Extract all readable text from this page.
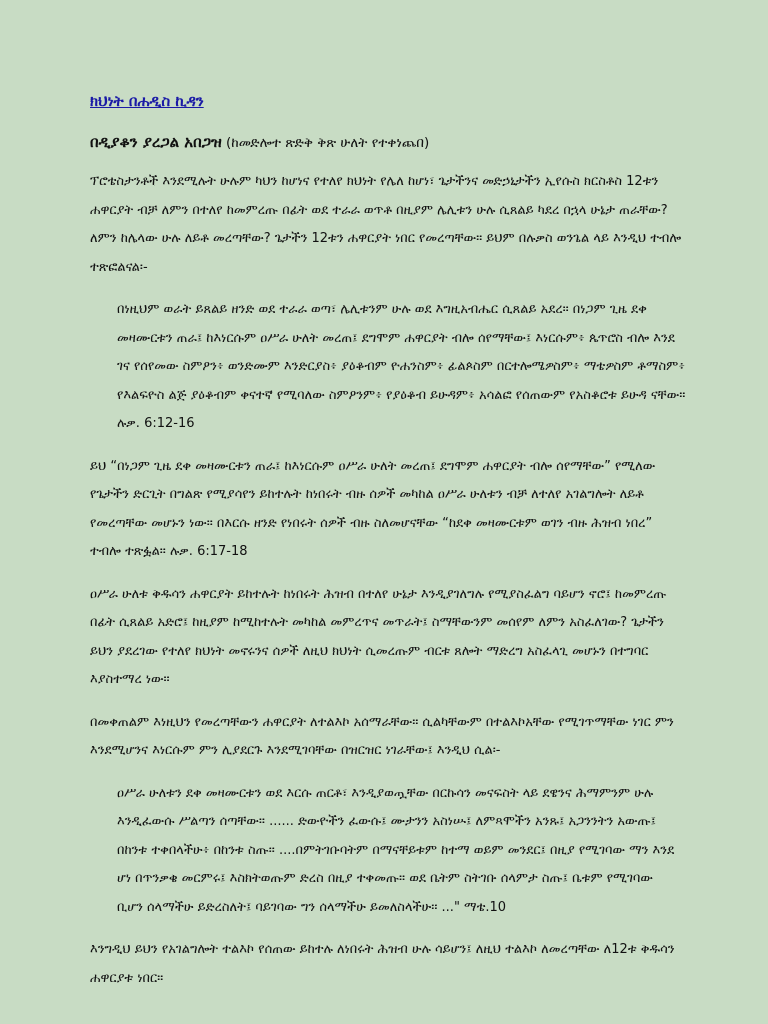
ክህነት በሐዲስ ኪዳን
በዲያቆን ያረጋል አበጋዝ (ከመድሎተ ጽድቅ ቅጽ ሁለት የተቀነጨበ)

ፕሮቴስታንቶች እንደሚሉት ሁሉም ካህን ከሆነና የተለየ ክህነት የሌለ ከሆነ፣ ጌታችንና መድኃኒታችን ኢየሱስ ክርስቶስ 12ቱን
ሐዋርያት ብቻ ለምን በተለየ ከመምረጡ በፊት ወደ ተራራ ወጥቶ በዚያም ሌሊቱን ሁሉ ሲጸልይ ካደረ በኋላ ሁኔታ ጠራቸው?
ለምን ከሌላው ሁሉ ለይቶ መረጣቸው? ጌታችን 12ቱን ሐዋርያት ነበር የመረጣቸው። ይህም በሉቃስ ወንጌል ላይ እንዲህ ተብሎ
ተጽፎልናል፡-

በነዚህም ወራት ይጸልይ ዘንድ ወደ ተራራ ወጣ፣ ሌሊቱንም ሁሉ ወደ እግዚአብሔር ሲጸልይ አደረ። በነጋም ጊዜ ደቀ
መዛሙርቱን ጠራ፤ ከእነርሱም ዐሥራ ሁለት መረጠ፤ ደግሞም ሐዋርያት ብሎ ሰየማቸው፤ እነርሱም፥ ጴጥሮስ ብሎ እንደ
ገና የሰየመው ስምዖን፥ ወንድሙም እንድርያስ፥ ያዕቆብም ዮሐንስም፥ ፊልጶስም በርተሎሜዎስም፥ ማቴዎስም ቶማስም፥
የእልፍዮስ ልጅ ያዕቆብም ቀናተኛ የሚባለው ስምዖንም፥ የያዕቆብ ይሁዳም፥ አሳልፎ የሰጠውም የአስቆሮቱ ይሁዳ ናቸው።
ሉቃ. 6:12-16

ይህ “በነጋም ጊዜ ደቀ መዛሙርቱን ጠራ፤ ከእነርሱም ዐሥራ ሁለት መረጠ፤ ደግሞም ሐዋርያት ብሎ ሰየማቸው” የሚለው
የጌታችን ድርጊት በግልጽ የሚያሳየን ይከተሉት ከነበሩት ብዙ ሰዎች መካከል ዐሥራ ሁለቱን ብቻ ለተለየ አገልግሎት ለይቶ
የመረጣቸው መሆኑን ነው። በእርሱ ዘንድ የነበሩት ሰዎች ብዙ ስለመሆናቸው “ከደቀ መዛሙርቱም ወገን ብዙ ሕዝብ ነበረ”
ተብሎ ተጽፏል። ሉቃ. 6:17-18

ዐሥራ ሁለቱ ቅዱሳን ሐዋርያት ይከተሉት ከነበሩት ሕዝብ በተለየ ሁኔታ እንዲያገለግሉ የሚያስፈልግ ባይሆን ኖሮ፤ ከመምረጡ
በፊት ሲጸልይ አድሮ፤ ከዚያም ከሚከተሉት መካከል መምረጥና መጥራት፤ ስማቸውንም መሰየም ለምን አስፈለገው? ጌታችን
ይህን ያደረገው የተለየ ክህነት መኖሩንና ሰዎች ለዚህ ክህነት ሲመረጡም ብርቱ ጸሎት ማድረግ አስፈላጊ መሆኑን በተግባር
እያስተማረ ነው።

በመቀጠልም እነዚህን የመረጣቸውን ሐዋርያት ለተልእኮ አሰማራቸው። ሲልካቸውም በተልእኮአቸው የሚገጥማቸው ነገር ምን
እንደሚሆንና እነርሱም ምን ሊያደርጉ እንደሚገባቸው በዝርዝር ነገራቸው፤ እንዲህ ሲል፡-

ዐሥራ ሁለቱን ደቀ መዛሙርቱን ወደ እርሱ ጠርቶ፣ እንዲያወጧቸው በርኩሳን መናፍስት ላይ ደዌንና ሕማምንም ሁሉ
እንዲፈውሱ ሥልጣን ሰጣቸው። ...... ድውዮችን ፈውሱ፤ ሙታንን አስነሡ፤ ለምጻሞችን አንጹ፤ አጋንንትን አውጡ፤
በከንቱ ተቀበላችሁ፥ በከንቱ ስጡ፡፡ ....በምትገቡባትም በማናቸይቱም ከተማ ወይም መንደር፤ በዚያ የሚገባው ማን እንደ
ሆነ በጥንቃቄ መርምሩ፤ እስክትወጡም ድረስ በዚያ ተቀመጡ። ወደ ቤትም ስትገቡ ሰላምታ ስጡ፤ ቤቱም የሚገባው
ቢሆን ሰላማችሁ ይድረስለት፤ ባይገባው ግን ሰላማችሁ ይመለስላችሁ፡፡ ..." ማቴ.10

እንግዲህ ይህን የአገልግሎት ተልእኮ የሰጠው ይከተሉ ለነበሩት ሕዝብ ሁሉ ሳይሆን፤ ለዚህ ተልእኮ ለመረጣቸው ለ12ቱ ቅዱሳን
ሐዋርያቱ ነበር።
